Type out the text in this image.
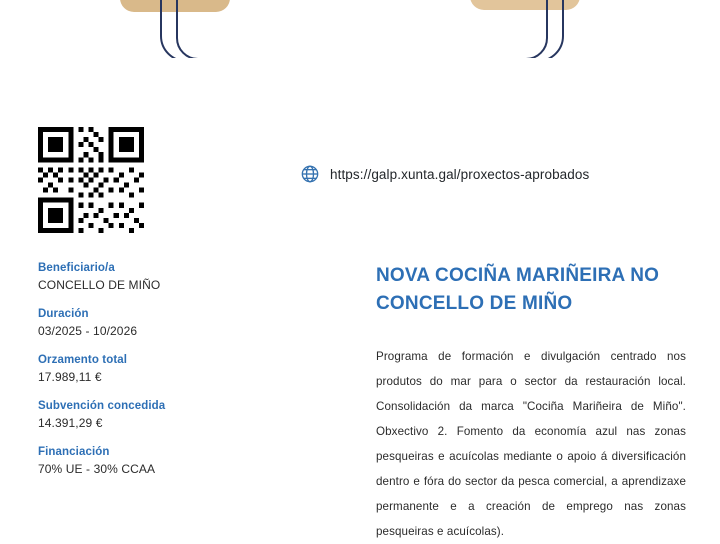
https://galp.xunta.gal/proxectos-aprobados

Beneficiario/a

CONCELLO DE MIÑO

Duración

03/2025 - 10/2026

Orzamento total

17.989,11 €

Subvención concedida

14.391,29 €

Financiación

70% UE - 30% CCAA

NOVA COCIÑA MARIÑEIRA NO CONCELLO DE MIÑO

Programa de formación e divulgación centrado nos produtos do mar para o sector da restauración local. Consolidación da marca "Cociña Mariñeira de Miño". Obxectivo 2. Fomento da economía azul nas zonas pesqueiras e acuícolas mediante o apoio á diversificación dentro e fóra do sector da pesca comercial, a aprendizaxe permanente e a creación de emprego nas zonas pesqueiras e acuícolas).
